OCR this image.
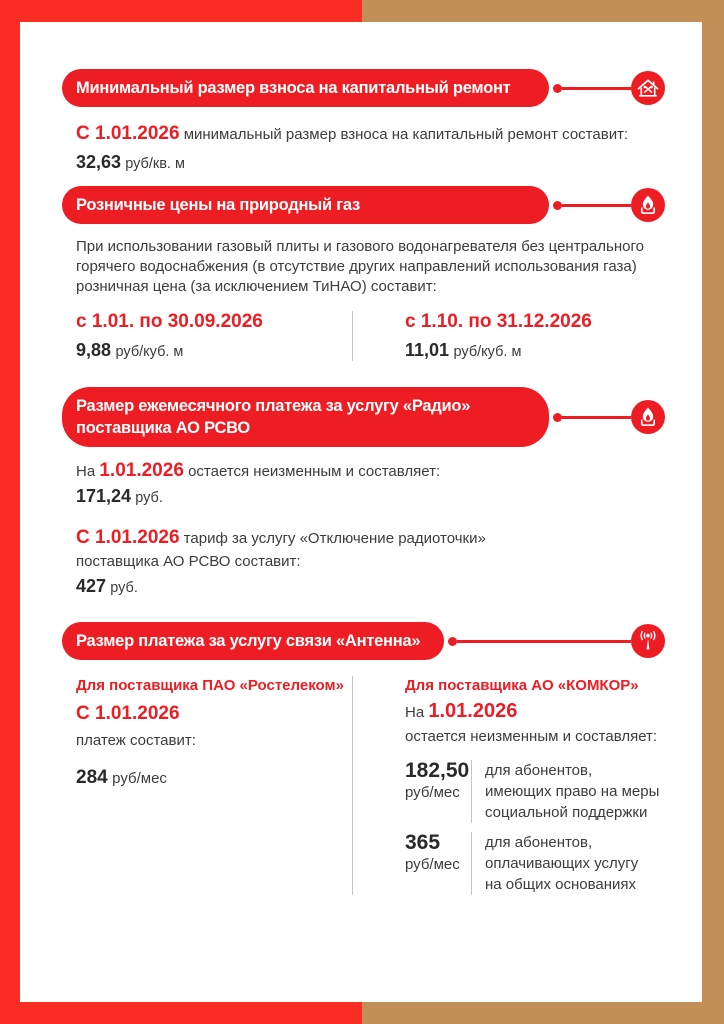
Минимальный размер взноса на капитальный ремонт
С 1.01.2026 минимальный размер взноса на капитальный ремонт составит:
32,63 руб/кв. м
Розничные цены на природный газ
При использовании газовый плиты и газового водонагревателя без центрального
горячего водоснабжения (в отсутствие других направлений использования газа)
розничная цена (за исключением ТиНАО) составит:
с 1.01. по 30.09.2026
9,88 руб/куб. м
с 1.10. по 31.12.2026
11,01 руб/куб. м
Размер ежемесячного платежа за услугу «Радио»
поставщика АО РСВО
На 1.01.2026 остается неизменным и составляет:
171,24 руб.
С 1.01.2026 тариф за услугу «Отключение радиоточки»
поставщика АО РСВО составит:
427 руб.
Размер платежа за услугу связи «Антенна»
Для поставщика ПАО «Ростелеком»
С 1.01.2026
платеж составит:
284 руб/мес
Для поставщика АО «КОМКОР»
На 1.01.2026
остается неизменным и составляет:
182,50
руб/мес
для абонентов,
имеющих право на меры
социальной поддержки
365
руб/мес
для абонентов,
оплачивающих услугу
на общих основаниях
